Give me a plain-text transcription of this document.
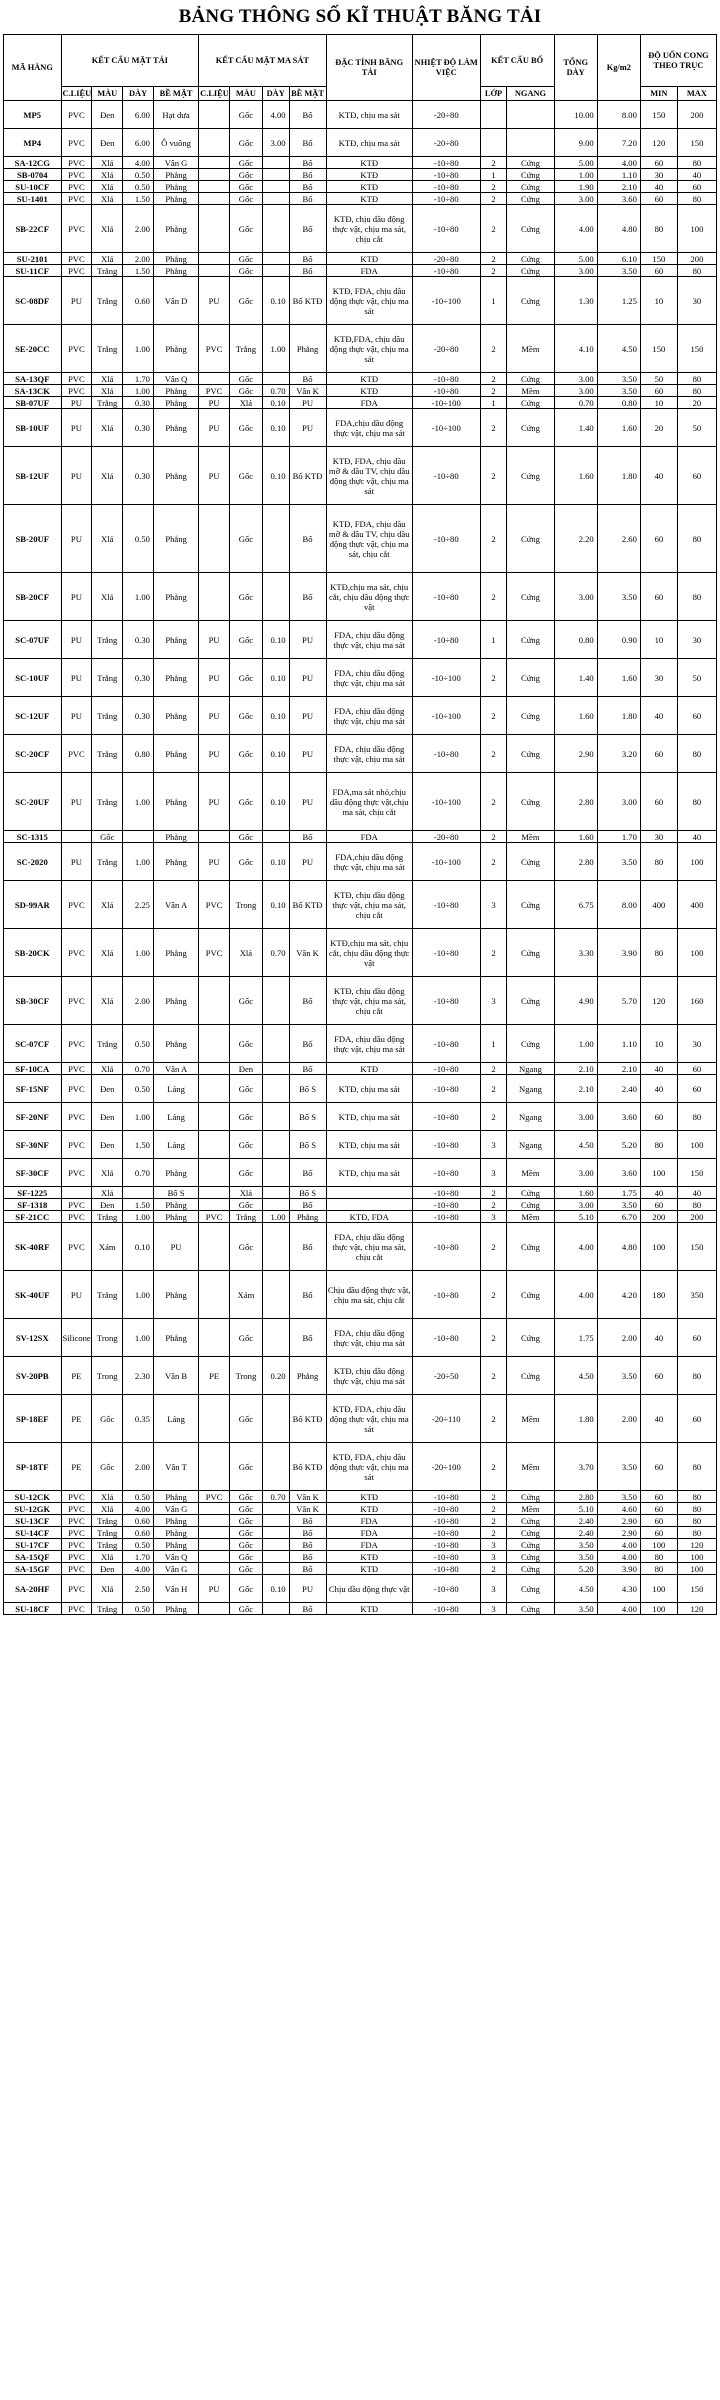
BẢNG THÔNG SỐ KĨ THUẬT BĂNG TẢI
MÃ HÀNG	KẾT CẤU MẶT TẢI				KẾT CẤU MẶT MA SÁT				ĐẶC TÍNH BĂNG TẢI	NHIỆT ĐỘ LÀM VIỆC	KẾT CẤU BỐ		TỔNG DÀY	Kg/m2	ĐỘ UỐN CONG THEO TRỤC	
	C.LIỆU	MÀU	DÀY	BỀ MẶT	C.LIỆU	MÀU	DÀY	BỀ MẶT			LỚP	NGANG			MIN	MAX
MP5	PVC	Đen	6.00	Hạt dưa		Gốc	4.00	Bố	KTĐ, chịu ma sát	-20÷80			10.00	8.00	150	200
MP4	PVC	Đen	6.00	Ô vuông		Gốc	3.00	Bố	KTĐ, chịu ma sát	-20÷80			9.00	7.20	120	150
SA-12CG	PVC	Xlá	4.00	Vân G		Gốc		Bố	KTĐ	-10÷80	2	Cứng	5.00	4.00	60	80
SB-0704	PVC	Xlá	0.50	Phẳng		Gốc		Bố	KTĐ	-10÷80	1	Cứng	1.00	1.10	30	40
SU-10CF	PVC	Xlá	0.50	Phẳng		Gốc		Bố	KTĐ	-10÷80	2	Cứng	1.90	2.10	40	60
SU-1401	PVC	Xlá	1.50	Phẳng		Gốc		Bố	KTĐ	-10÷80	2	Cứng	3.00	3.60	60	80
SB-22CF	PVC	Xlá	2.00	Phẳng		Gốc		Bố	KTĐ, chịu dầu động thực vật, chịu ma sát, chịu cắt	-10÷80	2	Cứng	4.00	4.80	80	100
SU-2101	PVC	Xlá	2.00	Phẳng		Gốc		Bố	KTĐ	-20÷80	2	Cứng	5.00	6.10	150	200
SU-11CF	PVC	Trắng	1.50	Phẳng		Gốc		Bố	FDA	-10÷80	2	Cứng	3.00	3.50	60	80
SC-08DF	PU	Trắng	0.60	Vân D	PU	Gốc	0.10	Bố KTĐ	KTĐ, FDA, chịu dầu động thực vật, chịu ma sát	-10÷100	1	Cứng	1.30	1.25	10	30
SE-20CC	PVC	Trắng	1.00	Phẳng	PVC	Trắng	1.00	Phẳng	KTĐ,FDA, chịu dầu động thực vật, chịu ma sát	-20÷80	2	Mềm	4.10	4.50	150	150
SA-13QF	PVC	Xlá	1.70	Vân Q		Gốc		Bố	KTĐ	-10÷80	2	Cứng	3.00	3.50	50	80
SA-13CK	PVC	Xlá	1.00	Phẳng	PVC	Gốc	0.70	Vân K	KTĐ	-10÷80	2	Mềm	3.00	3.50	60	80
SB-07UF	PU	Trắng	0.30	Phẳng	PU	Xlá	0.10	PU	FDA	-10÷100	1	Cứng	0.70	0.80	10	20
SB-10UF	PU	Xlá	0.30	Phẳng	PU	Gốc	0.10	PU	FDA,chịu dầu động thực vật, chịu ma sát	-10÷100	2	Cứng	1.40	1.60	20	50
SB-12UF	PU	Xlá	0.30	Phẳng	PU	Gốc	0.10	Bố KTĐ	KTĐ, FDA, chịu dầu mỡ & dầu TV, chịu dầu động thực vật, chịu ma sát	-10÷80	2	Cứng	1.60	1.80	40	60
SB-20UF	PU	Xlá	0.50	Phẳng		Gốc		Bố	KTĐ, FDA, chịu dầu mỡ & dầu TV, chịu dầu động thực vật, chịu ma sát, chịu cắt	-10÷80	2	Cứng	2.20	2.60	60	80
SB-20CF	PU	Xlá	1.00	Phẳng		Gốc		Bố	KTĐ,chịu ma sát, chịu cắt, chịu dầu động thực vật	-10÷80	2	Cứng	3.00	3.50	60	80
SC-07UF	PU	Trắng	0.30	Phẳng	PU	Gốc	0.10	PU	FDA, chịu dầu động thực vật, chịu ma sát	-10÷80	1	Cứng	0.80	0.90	10	30
SC-10UF	PU	Trắng	0.30	Phẳng	PU	Gốc	0.10	PU	FDA, chịu dầu động thực vật, chịu ma sát	-10÷100	2	Cứng	1.40	1.60	30	50
SC-12UF	PU	Trắng	0.30	Phẳng	PU	Gốc	0.10	PU	FDA, chịu dầu động thực vật, chịu ma sát	-10÷100	2	Cứng	1.60	1.80	40	60
SC-20CF	PVC	Trắng	0.80	Phẳng	PU	Gốc	0.10	PU	FDA, chịu dầu động thực vật, chịu ma sát	-10÷80	2	Cứng	2.90	3.20	60	80
SC-20UF	PU	Trắng	1.00	Phẳng	PU	Gốc	0.10	PU	FDA,ma sát nhỏ,chịu dầu động thực vật,chịu ma sát, chịu cắt	-10÷100	2	Cứng	2.80	3.00	60	80
SC-1315		Gốc		Phẳng		Gốc		Bố	FDA	-20÷80	2	Mềm	1.60	1.70	30	40
SC-2020	PU	Trắng	1.00	Phẳng	PU	Gốc	0.10	PU	FDA,chịu dầu động thực vật, chịu ma sát	-10÷100	2	Cứng	2.80	3.50	80	100
SD-99AR	PVC	Xlá	2.25	Vân A	PVC	Trong	0.10	Bố KTĐ	KTĐ, chịu dầu động thực vật, chịu ma sát, chịu cắt	-10÷80	3	Cứng	6.75	8.00	400	400
SB-20CK	PVC	Xlá	1.00	Phẳng	PVC	Xlá	0.70	Vân K	KTĐ,chịu ma sát, chịu cắt, chịu dầu động thực vật	-10÷80	2	Cứng	3.30	3.90	80	100
SB-30CF	PVC	Xlá	2.00	Phẳng		Gốc		Bố	KTĐ, chịu dầu động thực vật, chịu ma sát, chịu cắt	-10÷80	3	Cứng	4.90	5.70	120	160
SC-07CF	PVC	Trắng	0.50	Phẳng		Gốc		Bố	FDA, chịu dầu động thực vật, chịu ma sát	-10÷80	1	Cứng	1.00	1.10	10	30
SF-10CA	PVC	Xlá	0.70	Vân A		Đen		Bố	KTĐ	-10÷80	2	Ngang	2.10	2.10	40	60
SF-15NF	PVC	Đen	0.50	Láng		Gốc		Bố S	KTĐ, chịu ma sát	-10÷80	2	Ngang	2.10	2.40	40	60
SF-20NF	PVC	Đen	1.00	Láng		Gốc		Bố S	KTĐ, chịu ma sát	-10÷80	2	Ngang	3.00	3.60	60	80
SF-30NF	PVC	Đen	1.50	Láng		Gốc		Bố S	KTĐ, chịu ma sát	-10÷80	3	Ngang	4.50	5.20	80	100
SF-30CF	PVC	Xlá	0.70	Phẳng		Gốc		Bố	KTĐ, chịu ma sát	-10÷80	3	Mềm	3.00	3.60	100	150
SF-1225		Xlá		Bố S		Xlá		Bố S		-10÷80	2	Cứng	1.60	1.75	40	40
SF-1318	PVC	Đen	1.50	Phẳng		Gốc		Bố		-10÷80	2	Cứng	3.00	3.50	60	80
SF-21CC	PVC	Trắng	1.00	Phẳng	PVC	Trắng	1.00	Phẳng	KTĐ, FDA	-10÷80	3	Mềm	5.10	6.70	200	200
SK-40RF	PVC	Xám	0.10	PU		Gốc		Bố	FDA, chịu dầu động thực vật, chịu ma sát, chịu cắt	-10÷80	2	Cứng	4.00	4.80	100	150
SK-40UF	PU	Trắng	1.00	Phẳng		Xám		Bố	Chịu dầu động thực vật, chịu ma sát, chịu cắt	-10÷80	2	Cứng	4.00	4.20	180	350
SV-12SX	Silicone	Trong	1.00	Phẳng		Gốc		Bố	FDA, chịu dầu động thực vật, chịu ma sát	-10÷80	2	Cứng	1.75	2.00	40	60
SV-20PB	PE	Trong	2.30	Vân B	PE	Trong	0.20	Phẳng	KTĐ, chịu dầu động thực vật, chịu ma sát	-20÷50	2	Cứng	4.50	3.50	60	80
SP-18EF	PE	Gốc	0.35	Láng		Gốc		Bố KTĐ	KTĐ, FDA, chịu dầu động thực vật, chịu ma sát	-20÷110	2	Mềm	1.80	2.00	40	60
SP-18TF	PE	Gốc	2.00	Vân T		Gốc		Bố KTĐ	KTĐ, FDA, chịu dầu động thực vật, chịu ma sát	-20÷100	2	Mềm	3.70	3.50	60	80
SU-12CK	PVC	Xlá	0.50	Phẳng	PVC	Gốc	0.70	Vân K	KTĐ	-10÷80	2	Cứng	2.80	3.50	60	80
SU-12GK	PVC	Xlá	4.00	Vân G		Gốc		Vân K	KTĐ	-10÷80	2	Mềm	5.10	4.60	60	80
SU-13CF	PVC	Trắng	0.60	Phẳng		Gốc		Bố	FDA	-10÷80	2	Cứng	2.40	2.90	60	80
SU-14CF	PVC	Trắng	0.60	Phẳng		Gốc		Bố	FDA	-10÷80	2	Cứng	2.40	2.90	60	80
SU-17CF	PVC	Trắng	0.50	Phẳng		Gốc		Bố	FDA	-10÷80	3	Cứng	3.50	4.00	100	120
SA-15QF	PVC	Xlá	1.70	Vân Q		Gốc		Bố	KTĐ	-10÷80	3	Cứng	3.50	4.00	80	100
SA-15GF	PVC	Đen	4.00	Vân G		Gốc		Bố	KTĐ	-10÷80	2	Cứng	5.20	3.90	80	100
SA-20HF	PVC	Xlá	2.50	Vân H	PU	Gốc	0.10	PU	Chịu dầu động thực vật	-10÷80	3	Cứng	4.50	4.30	100	150
SU-18CF	PVC	Trắng	0.50	Phẳng		Gốc		Bố	KTĐ	-10÷80	3	Cứng	3.50	4.00	100	120
